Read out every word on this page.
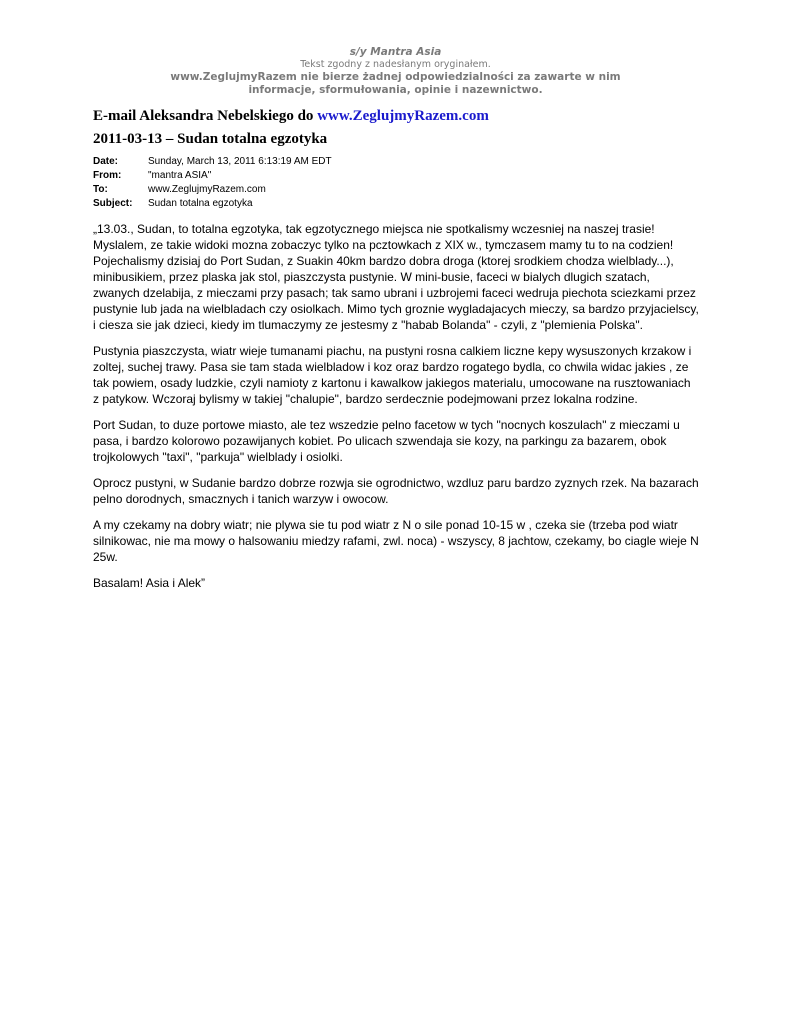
s/y Mantra Asia
Tekst zgodny z nadesłanym oryginałem.
www.ZeglujmyRazem nie bierze żadnej odpowiedzialności za zawarte w nim
informacje, sformułowania, opinie i nazewnictwo.
E-mail Aleksandra Nebelskiego do www.ZeglujmyRazem.com
2011-03-13 – Sudan totalna egzotyka
Date:	Sunday, March 13, 2011 6:13:19 AM EDT
From:	"mantra ASIA"
To:	www.ZeglujmyRazem.com
Subject:	Sudan totalna egzotyka

„13.03., Sudan, to totalna egzotyka, tak egzotycznego miejsca nie spotkalismy wczesniej na naszej trasie! Myslalem, ze takie widoki mozna zobaczyc tylko na pcztowkach z XIX w., tymczasem mamy tu to na codzien! Pojechalismy dzisiaj do Port Sudan, z Suakin 40km bardzo dobra droga (ktorej srodkiem chodza wielblady...), minibusikiem, przez plaska jak stol, piaszczysta pustynie. W mini-busie, faceci w bialych dlugich szatach, zwanych dzelabija, z mieczami przy pasach; tak samo ubrani i uzbrojemi faceci wedruja piechota sciezkami przez pustynie lub jada na wielbladach czy osiolkach. Mimo tych groznie wygladajacych mieczy, sa bardzo przyjacielscy, i ciesza sie jak dzieci, kiedy im tlumaczymy ze jestesmy z "habab Bolanda" - czyli, z "plemienia Polska".

Pustynia piaszczysta, wiatr wieje tumanami piachu, na pustyni rosna calkiem liczne kepy wysuszonych krzakow i zoltej, suchej trawy. Pasa sie tam stada wielbladow i koz oraz bardzo rogatego bydla, co chwila widac jakies , ze tak powiem, osady ludzkie, czyli namioty z kartonu i kawalkow jakiegos materialu, umocowane na rusztowaniach z patykow. Wczoraj bylismy w takiej "chalupie", bardzo serdecznie podejmowani przez lokalna rodzine.

Port Sudan, to duze portowe miasto, ale tez wszedzie pelno facetow w tych "nocnych koszulach" z mieczami u pasa, i bardzo kolorowo pozawijanych kobiet. Po ulicach szwendaja sie kozy, na parkingu za bazarem, obok trojkolowych "taxi", "parkuja" wielblady i osiolki.

Oprocz pustyni, w Sudanie bardzo dobrze rozwja sie ogrodnictwo, wzdluz paru bardzo zyznych rzek. Na bazarach pelno dorodnych, smacznych i tanich warzyw i owocow.

A my czekamy na dobry wiatr; nie plywa sie tu pod wiatr z N o sile ponad 10-15 w , czeka sie (trzeba pod wiatr silnikowac, nie ma mowy o halsowaniu miedzy rafami, zwl. noca) - wszyscy, 8 jachtow, czekamy, bo ciagle wieje N 25w.

Basalam! Asia i Alek”
